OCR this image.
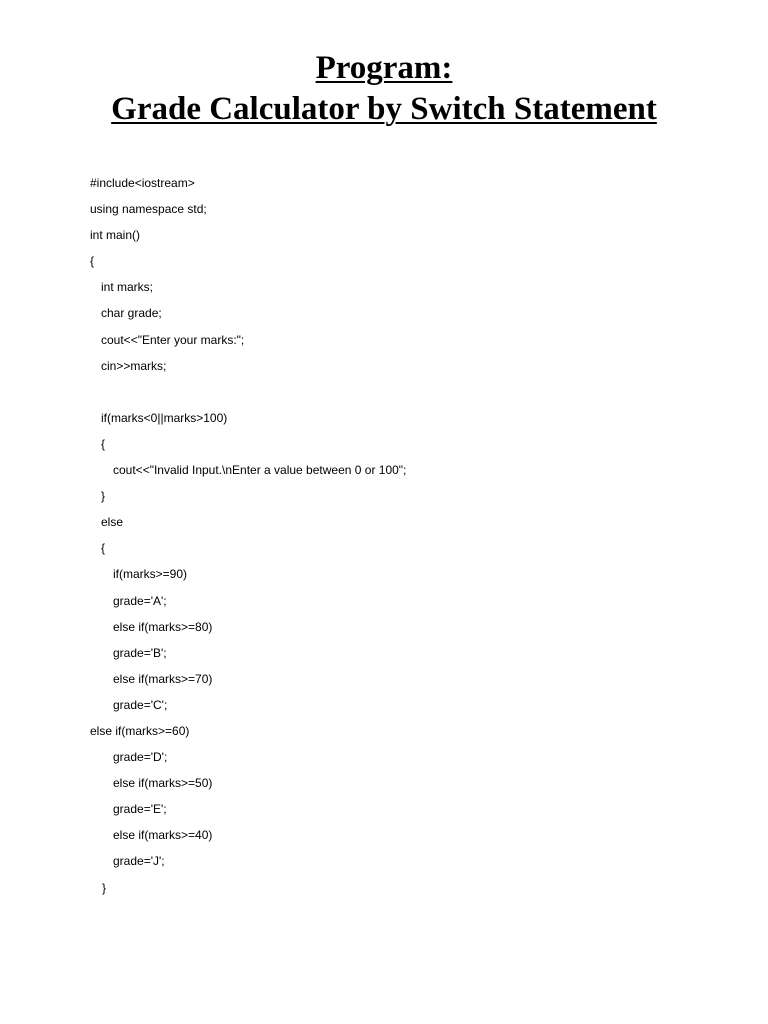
Program:
Grade Calculator by Switch Statement
#include<iostream>
using namespace std;
int main()
{
int marks;
char grade;
cout<<"Enter your marks:";
cin>>marks;
if(marks<0||marks>100)
{
cout<<"Invalid Input.\nEnter a value between 0 or 100";
}
else
{
if(marks>=90)
grade='A';
else if(marks>=80)
grade='B';
else if(marks>=70)
grade='C';
else if(marks>=60)
grade='D';
else if(marks>=50)
grade='E';
else if(marks>=40)
grade='J';
}
